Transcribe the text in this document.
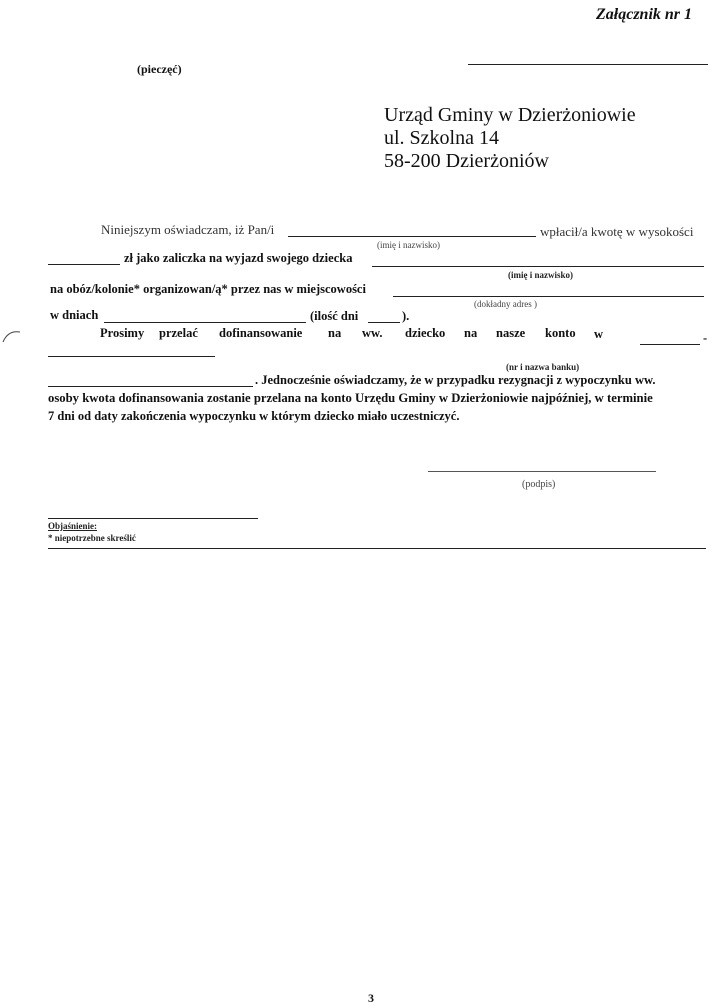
Załącznik nr 1
(pieczęć)
Urząd Gminy w Dzierżoniowie
ul. Szkolna 14
58-200 Dzierżoniów
Niniejszym oświadczam, iż Pan/i	wpłacił/a kwotę w wysokości
(imię i nazwisko)
zł jako zaliczka na wyjazd swojego dziecka
(imię i nazwisko)
na obóz/kolonie* organizowan/ą* przez nas w miejscowości
(dokładny adres )
w dniach	(ilość dni	).
Prosimy przelać dofinansowanie na ww. dziecko na nasze konto w	-
(nr i nazwa banku)
. Jednocześnie oświadczamy, że w przypadku rezygnacji z wypoczynku ww.
osoby kwota dofinansowania zostanie przelana na konto Urzędu Gminy w Dzierżoniowie najpóźniej, w terminie
7 dni od daty zakończenia wypoczynku w którym dziecko miało uczestniczyć.
(podpis)
Objaśnienie:
* niepotrzebne skreślić
3
